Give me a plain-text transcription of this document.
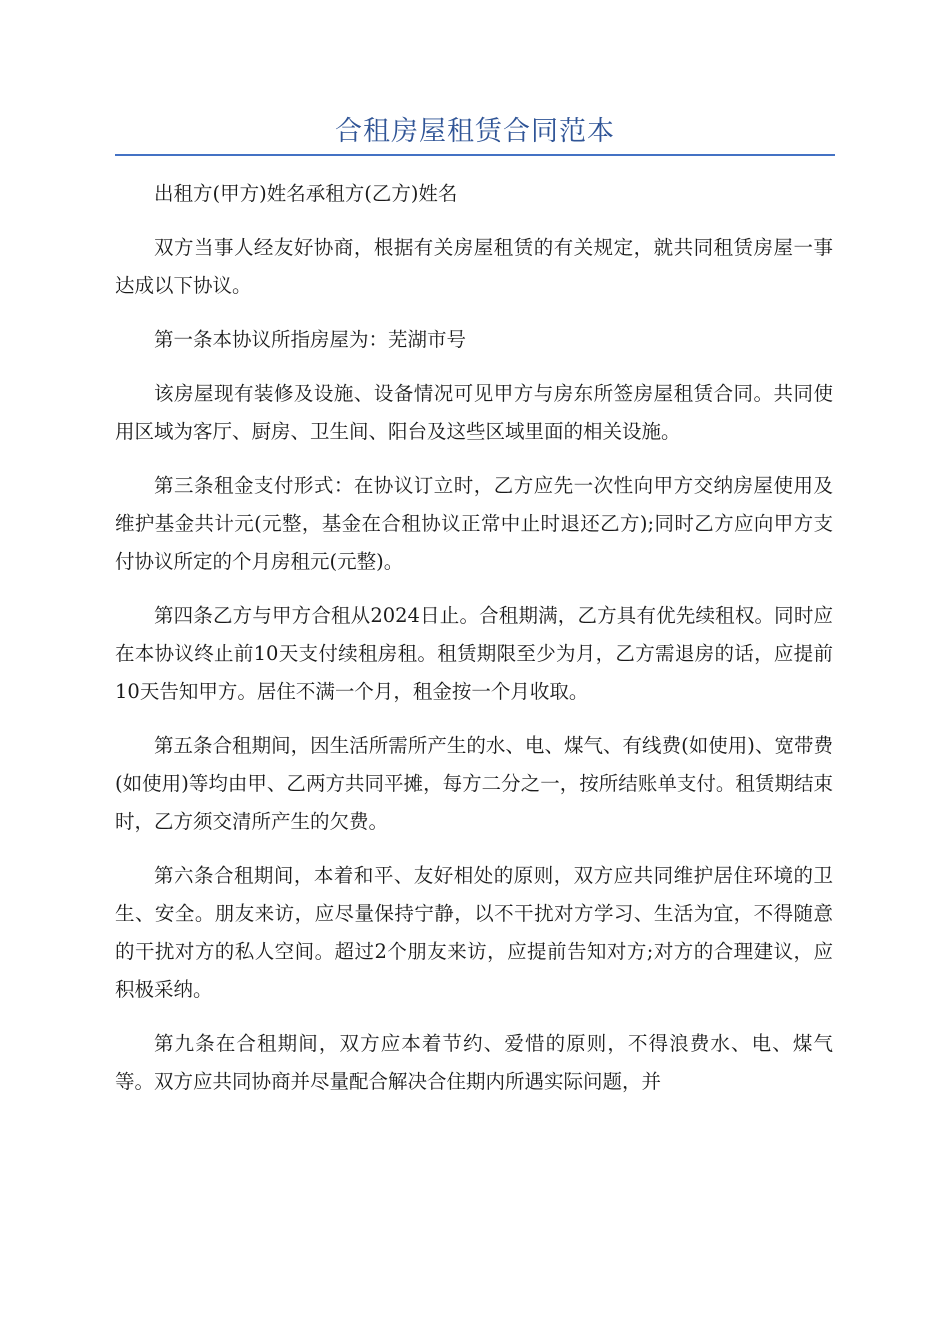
合租房屋租赁合同范本

出租方(甲方)姓名承租方(乙方)姓名

双方当事人经友好协商，根据有关房屋租赁的有关规定，就共同租赁房屋一事达成以下协议。

第一条本协议所指房屋为：芜湖市号

该房屋现有装修及设施、设备情况可见甲方与房东所签房屋租赁合同。共同使用区域为客厅、厨房、卫生间、阳台及这些区域里面的相关设施。

第三条租金支付形式：在协议订立时，乙方应先一次性向甲方交纳房屋使用及维护基金共计元(元整，基金在合租协议正常中止时退还乙方);同时乙方应向甲方支付协议所定的个月房租元(元整)。

第四条乙方与甲方合租从2024日止。合租期满，乙方具有优先续租权。同时应在本协议终止前10天支付续租房租。租赁期限至少为月，乙方需退房的话，应提前10天告知甲方。居住不满一个月，租金按一个月收取。

第五条合租期间，因生活所需所产生的水、电、煤气、有线费(如使用)、宽带费(如使用)等均由甲、乙两方共同平摊，每方二分之一，按所结账单支付。租赁期结束时，乙方须交清所产生的欠费。

第六条合租期间，本着和平、友好相处的原则，双方应共同维护居住环境的卫生、安全。朋友来访，应尽量保持宁静，以不干扰对方学习、生活为宜，不得随意的干扰对方的私人空间。超过2个朋友来访，应提前告知对方;对方的合理建议，应积极采纳。

第九条在合租期间，双方应本着节约、爱惜的原则，不得浪费水、电、煤气等。双方应共同协商并尽量配合解决合住期内所遇实际问题，并
